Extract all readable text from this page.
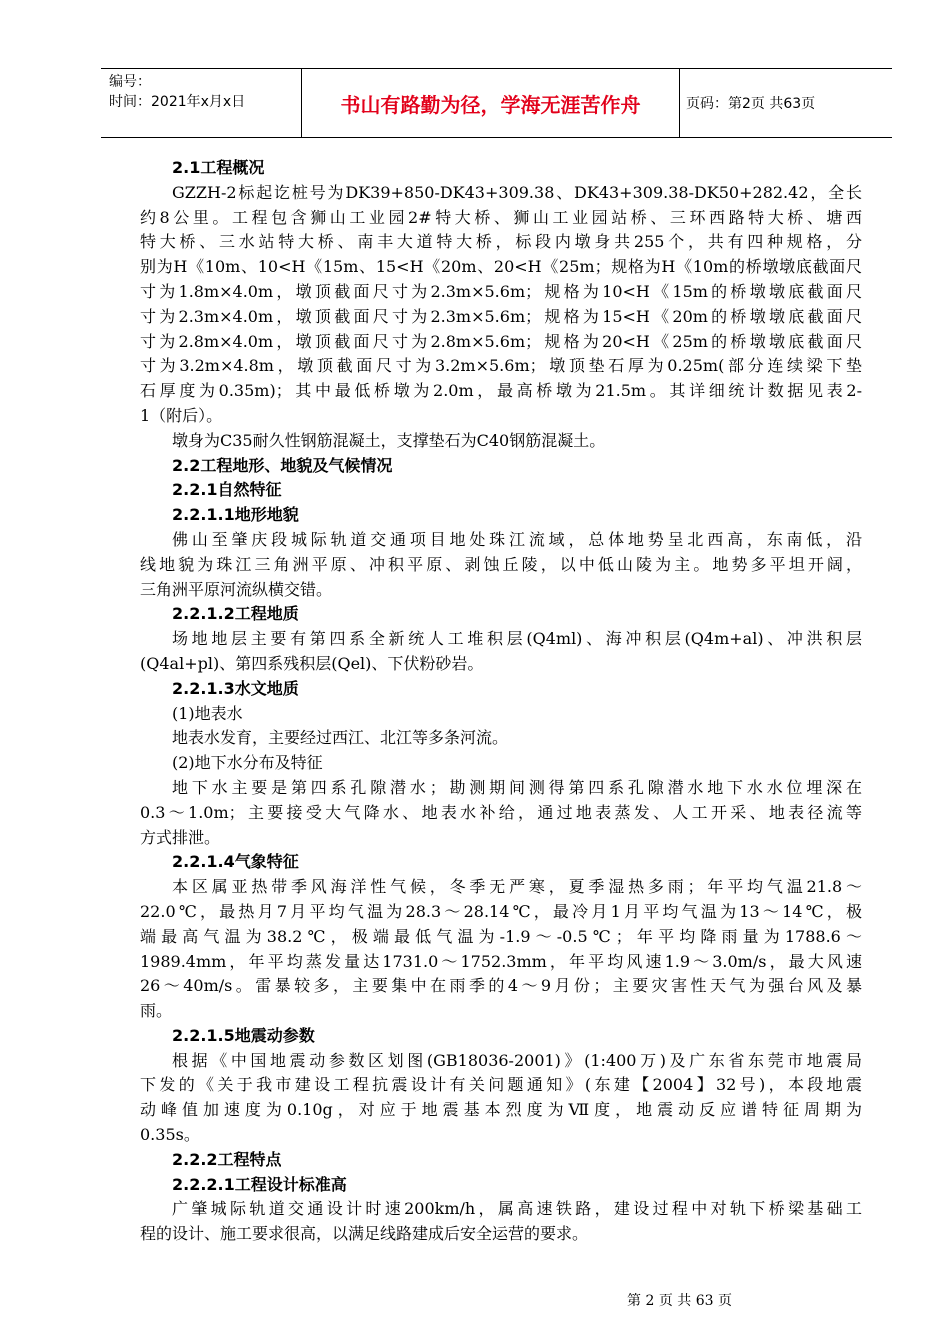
编号：
时间：2021年x月x日	书山有路勤为径，学海无涯苦作舟	页码：第2页 共63页
2.1工程概况
GZZH-2标起讫桩号为DK39+850-DK43+309.38、DK43+309.38-DK50+282.42，全长
约8公里。工程包含狮山工业园2#特大桥、狮山工业园站桥、三环西路特大桥、塘西
特大桥、三水站特大桥、南丰大道特大桥，标段内墩身共255个，共有四种规格，分
别为H《10m、10<H《15m、15<H《20m、20<H《25m；规格为H《10m的桥墩墩底截面尺
寸为1.8m×4.0m，墩顶截面尺寸为2.3m×5.6m；规格为10<H《15m的桥墩墩底截面尺
寸为2.3m×4.0m，墩顶截面尺寸为2.3m×5.6m；规格为15<H《20m的桥墩墩底截面尺
寸为2.8m×4.0m，墩顶截面尺寸为2.8m×5.6m；规格为20<H《25m的桥墩墩底截面尺
寸为3.2m×4.8m，墩顶截面尺寸为3.2m×5.6m；墩顶垫石厚为0.25m(部分连续梁下垫
石厚度为0.35m)；其中最低桥墩为2.0m，最高桥墩为21.5m。其详细统计数据见表2-
1（附后）。
墩身为C35耐久性钢筋混凝土，支撑垫石为C40钢筋混凝土。
2.2工程地形、地貌及气候情况
2.2.1自然特征
2.2.1.1地形地貌
佛山至肇庆段城际轨道交通项目地处珠江流域，总体地势呈北西高，东南低，沿
线地貌为珠江三角洲平原、冲积平原、剥蚀丘陵，以中低山陵为主。地势多平坦开阔，
三角洲平原河流纵横交错。
2.2.1.2工程地质
场地地层主要有第四系全新统人工堆积层(Q4ml)、海冲积层(Q4m+al)、冲洪积层
(Q4al+pl)、第四系残积层(Qel)、下伏粉砂岩。
2.2.1.3水文地质
(1)地表水
地表水发育，主要经过西江、北江等多条河流。
(2)地下水分布及特征
地下水主要是第四系孔隙潜水；勘测期间测得第四系孔隙潜水地下水水位埋深在
0.3～1.0m；主要接受大气降水、地表水补给，通过地表蒸发、人工开采、地表径流等
方式排泄。
2.2.1.4气象特征
本区属亚热带季风海洋性气候，冬季无严寒，夏季湿热多雨；年平均气温21.8～
22.0℃，最热月7月平均气温为28.3～28.14℃，最冷月1月平均气温为13～14℃，极
端最高气温为38.2℃，极端最低气温为-1.9～-0.5℃；年平均降雨量为1788.6～
1989.4mm，年平均蒸发量达1731.0～1752.3mm，年平均风速1.9～3.0m/s，最大风速
26～40m/s。雷暴较多，主要集中在雨季的4～9月份；主要灾害性天气为强台风及暴
雨。
2.2.1.5地震动参数
根据《中国地震动参数区划图(GB18036-2001)》(1:400万)及广东省东莞市地震局
下发的《关于我市建设工程抗震设计有关问题通知》(东建【2004】32号)，本段地震
动峰值加速度为0.10g，对应于地震基本烈度为Ⅶ度，地震动反应谱特征周期为
0.35s。
2.2.2工程特点
2.2.2.1工程设计标准高
广肇城际轨道交通设计时速200km/h，属高速铁路，建设过程中对轨下桥梁基础工
程的设计、施工要求很高，以满足线路建成后安全运营的要求。
第 2 页 共 63 页
